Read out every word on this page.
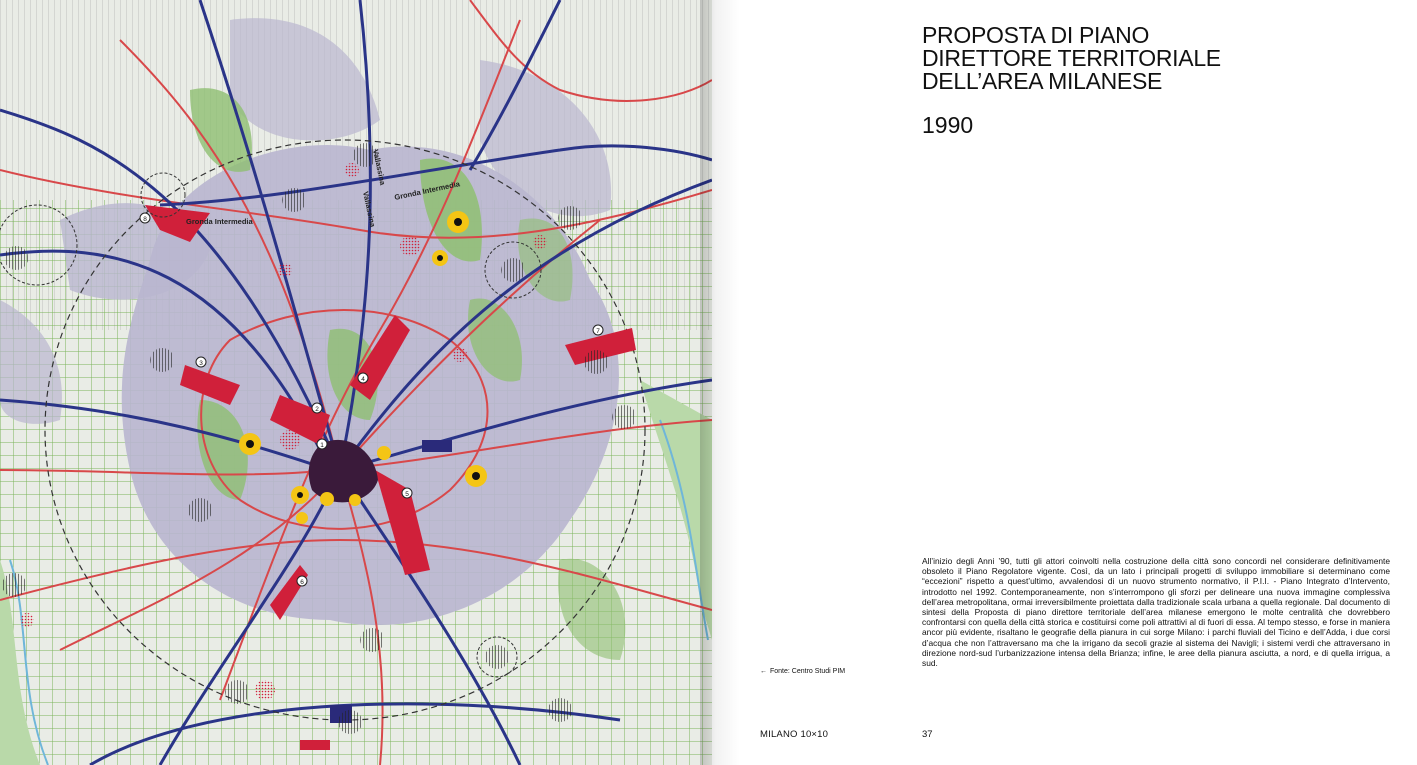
Gronda Intermedia
Gronda Intermedia
Vallassina
Vallassina
1
2
3
4
5
6
7
8
PROPOSTA DI PIANO
DIRETTORE TERRITORIALE
DELL’AREA MILANESE
1990

All’inizio degli Anni ’90, tutti gli attori coinvolti nella costruzione della città sono concordi nel considerare definitivamente obsoleto il Piano Regolatore vigente. Così, da un lato i principali progetti di sviluppo immobiliare si determinano come “eccezioni” rispetto a quest’ultimo, avvalendosi di un nuovo strumento normativo, il P.I.I. - Piano Integrato d’Intervento, introdotto nel 1992. Contemporaneamente, non s’interrompono gli sforzi per delineare una nuova immagine complessiva dell’area metropolitana, ormai irreversibilmente proiettata dalla tradizionale scala urbana a quella regionale. Dal documento di sintesi della Proposta di piano direttore territoriale dell’area milanese emergono le molte centralità che dovrebbero confrontarsi con quella della città storica e costituirsi come poli attrattivi al di fuori di essa. Al tempo stesso, e forse in maniera ancor più evidente, risaltano le geografie della pianura in cui sorge Milano: i parchi fluviali del Ticino e dell’Adda, i due corsi d’acqua che non l’attraversano ma che la irrigano da secoli grazie al sistema dei Navigli; i sistemi verdi che attraversano in direzione nord-sud l’urbanizzazione intensa della Brianza; infine, le aree della pianura asciutta, a nord, e di quella irrigua, a sud.

← Fonte: Centro Studi PIM
MILANO 10×10	37
